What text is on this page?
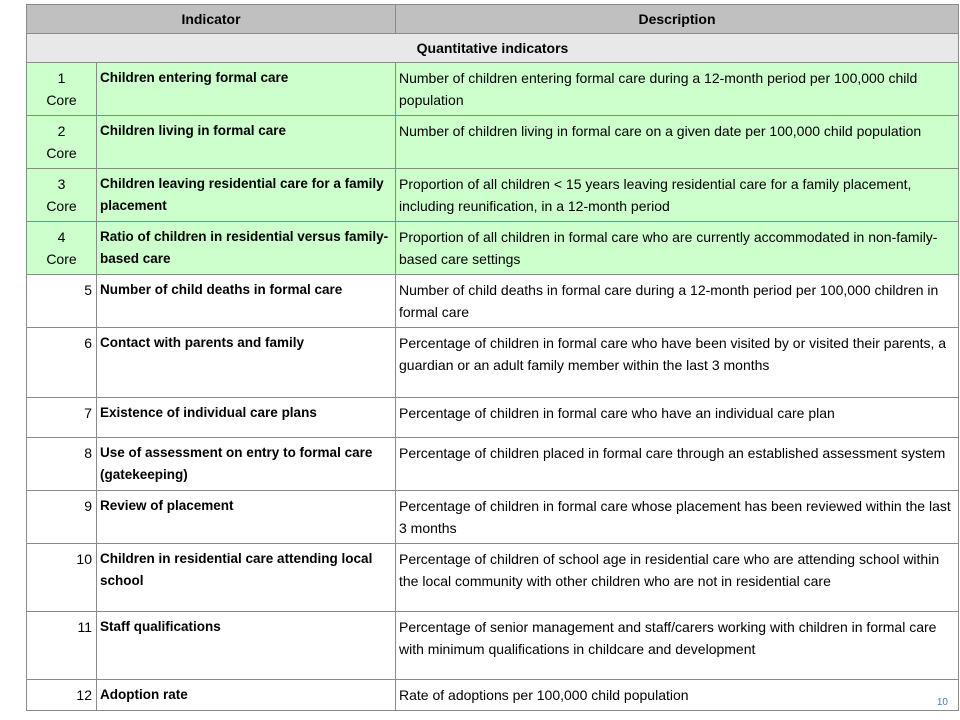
Indicator		Description
Quantitative indicators		

1
Core	Children entering formal care	Number of children entering formal care during a 12-month period per 100,000 child population

2
Core	Children living in formal care	Number of children living in formal care on a given date per 100,000 child population

3
Core	Children leaving residential care for a family placement	Proportion of all children < 15 years leaving residential care for a family placement, including reunification, in a 12-month period

4
Core	Ratio of children in residential versus family-based care	Proportion of all children in formal care who are currently accommodated in non-family-based care settings

5	Number of child deaths in formal care	Number of child deaths in formal care during a 12-month period per 100,000 children in formal care

6	Contact with parents and family	Percentage of children in formal care who have been visited by or visited their parents, a guardian or an adult family member within the last 3 months

7	Existence of individual care plans	Percentage of children in formal care who have an individual care plan

8	Use of assessment on entry to formal care (gatekeeping)	Percentage of children placed in formal care through an established assessment system

9	Review of placement	Percentage of children in formal care whose placement has been reviewed within the last 3 months

10	Children in residential care attending local school	Percentage of children of school age in residential care who are attending school within the local community with other children who are not in residential care

11	Staff qualifications	Percentage of senior management and staff/carers working with children in formal care with minimum qualifications in childcare and development

12	Adoption rate	Rate of adoptions per 100,000 child population	10
